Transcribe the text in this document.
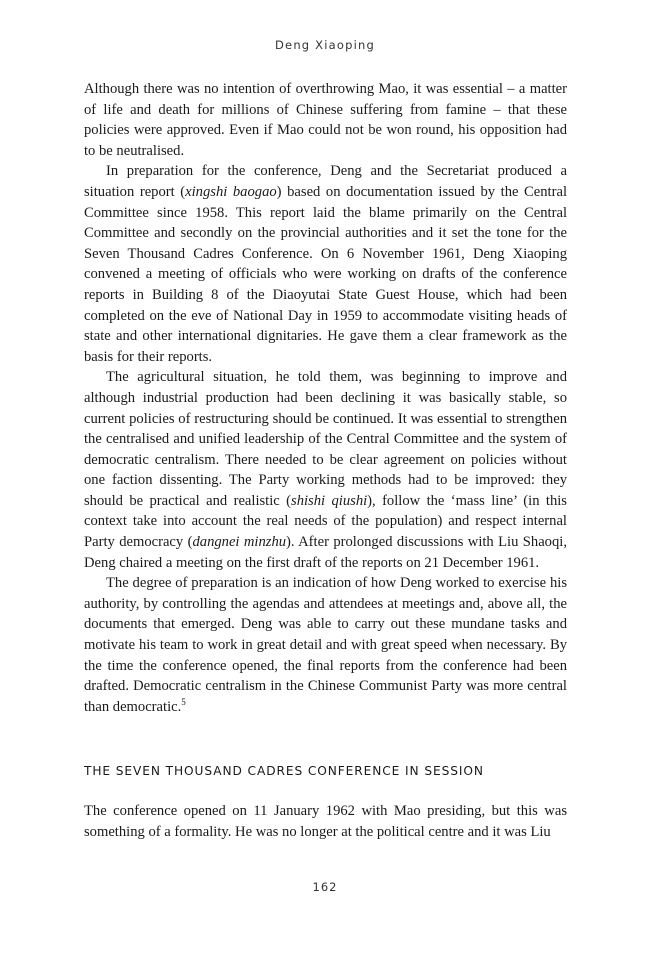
Deng Xiaoping

Although there was no intention of overthrowing Mao, it was essential – a matter of life and death for millions of Chinese suffering from famine – that these policies were approved. Even if Mao could not be won round, his opposition had to be neutralised.

In preparation for the conference, Deng and the Secretariat produced a situation report (xingshi baogao) based on documentation issued by the Central Committee since 1958. This report laid the blame primarily on the Central Committee and secondly on the provincial authorities and it set the tone for the Seven Thousand Cadres Conference. On 6 November 1961, Deng Xiaoping convened a meeting of officials who were working on drafts of the conference reports in Building 8 of the Diaoyutai State Guest House, which had been completed on the eve of National Day in 1959 to accommodate visiting heads of state and other international dignitaries. He gave them a clear framework as the basis for their reports.

The agricultural situation, he told them, was beginning to improve and although industrial production had been declining it was basically stable, so current policies of restructuring should be continued. It was essential to strengthen the centralised and unified leadership of the Central Committee and the system of democratic centralism. There needed to be clear agreement on policies without one faction dissenting. The Party working methods had to be improved: they should be practical and realistic (shishi qiushi), follow the ‘mass line’ (in this context take into account the real needs of the population) and respect internal Party democracy (dangnei minzhu). After prolonged discussions with Liu Shaoqi, Deng chaired a meeting on the first draft of the reports on 21 December 1961.

The degree of preparation is an indication of how Deng worked to exercise his authority, by controlling the agendas and attendees at meetings and, above all, the documents that emerged. Deng was able to carry out these mundane tasks and motivate his team to work in great detail and with great speed when necessary. By the time the conference opened, the final reports from the conference had been drafted. Democratic centralism in the Chinese Communist Party was more central than democratic.$^5$

THE SEVEN THOUSAND CADRES CONFERENCE IN SESSION

The conference opened on 11 January 1962 with Mao presiding, but this was something of a formality. He was no longer at the political centre and it was Liu

162
